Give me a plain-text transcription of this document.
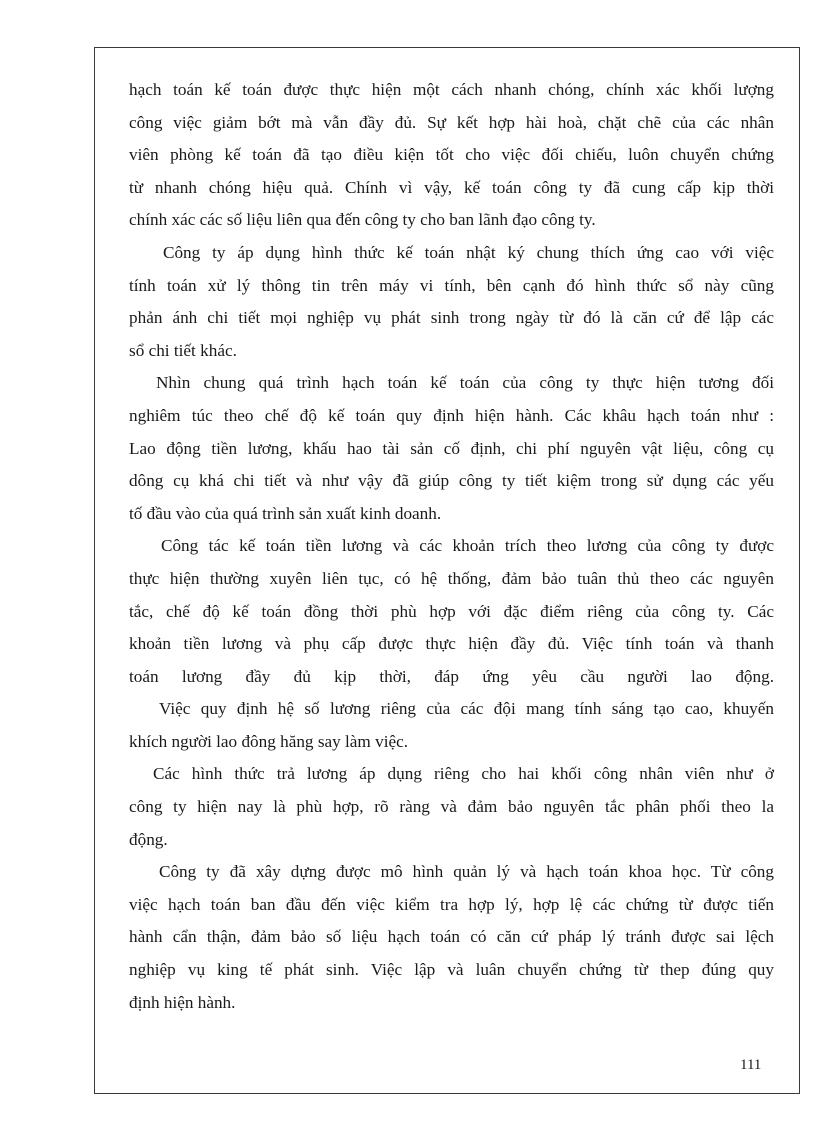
hạch toán kế toán được thực hiện một cách nhanh chóng, chính xác khối lượng
công việc giảm bớt mà vẫn đầy đủ. Sự kết hợp hài hoà, chặt chẽ của các nhân
viên phòng kế toán đã tạo điều kiện tốt cho việc đối chiếu, luôn chuyển chứng
từ nhanh chóng hiệu quả. Chính vì vậy, kế toán công ty đã cung cấp kịp thời
chính xác các số liệu liên qua đến công ty cho ban lãnh đạo công ty.
Công ty áp dụng hình thức kế toán nhật ký chung thích ứng cao với việc
tính toán xử lý thông tin trên máy vi tính, bên cạnh đó hình thức sổ này cũng
phản ánh chi tiết mọi nghiệp vụ phát sinh trong ngày từ đó là căn cứ để lập các
sổ chi tiết khác.
Nhìn chung quá trình hạch toán kế toán của công ty thực hiện tương đối
nghiêm túc theo chế độ kế toán quy định hiện hành. Các khâu hạch toán như :
Lao động tiền lương, khấu hao tài sản cố định, chi phí nguyên vật liệu, công cụ
dông cụ khá chi tiết và như vậy đã giúp công ty tiết kiệm trong sử dụng các yếu
tố đầu vào của quá trình sản xuất kinh doanh.
Công tác kế toán tiền lương và các khoản trích theo lương của công ty được
thực hiện thường xuyên liên tục, có hệ thống, đảm bảo tuân thủ theo các nguyên
tắc, chế độ kế toán đồng thời phù hợp với đặc điểm riêng của công ty. Các
khoản tiền lương và phụ cấp được thực hiện đầy đủ. Việc tính toán và thanh
toán lương đầy đủ kịp thời, đáp ứng yêu cầu người lao động.
Việc quy định hệ số lương riêng của các đội mang tính sáng tạo cao, khuyến
khích người lao đông hăng say làm việc.
Các hình thức trả lương áp dụng riêng cho hai khối công nhân viên như ở
công ty hiện nay là phù hợp, rõ ràng và đảm bảo nguyên tắc phân phối theo la
động.
Công ty đã xây dựng được mô hình quản lý và hạch toán khoa học. Từ công
việc hạch toán ban đầu đến việc kiểm tra hợp lý, hợp lệ các chứng từ được tiến
hành cẩn thận, đảm bảo số liệu hạch toán có căn cứ pháp lý tránh được sai lệch
nghiệp vụ king tế phát sinh. Việc lập và luân chuyển chứng từ thep đúng quy
định hiện hành.
111
